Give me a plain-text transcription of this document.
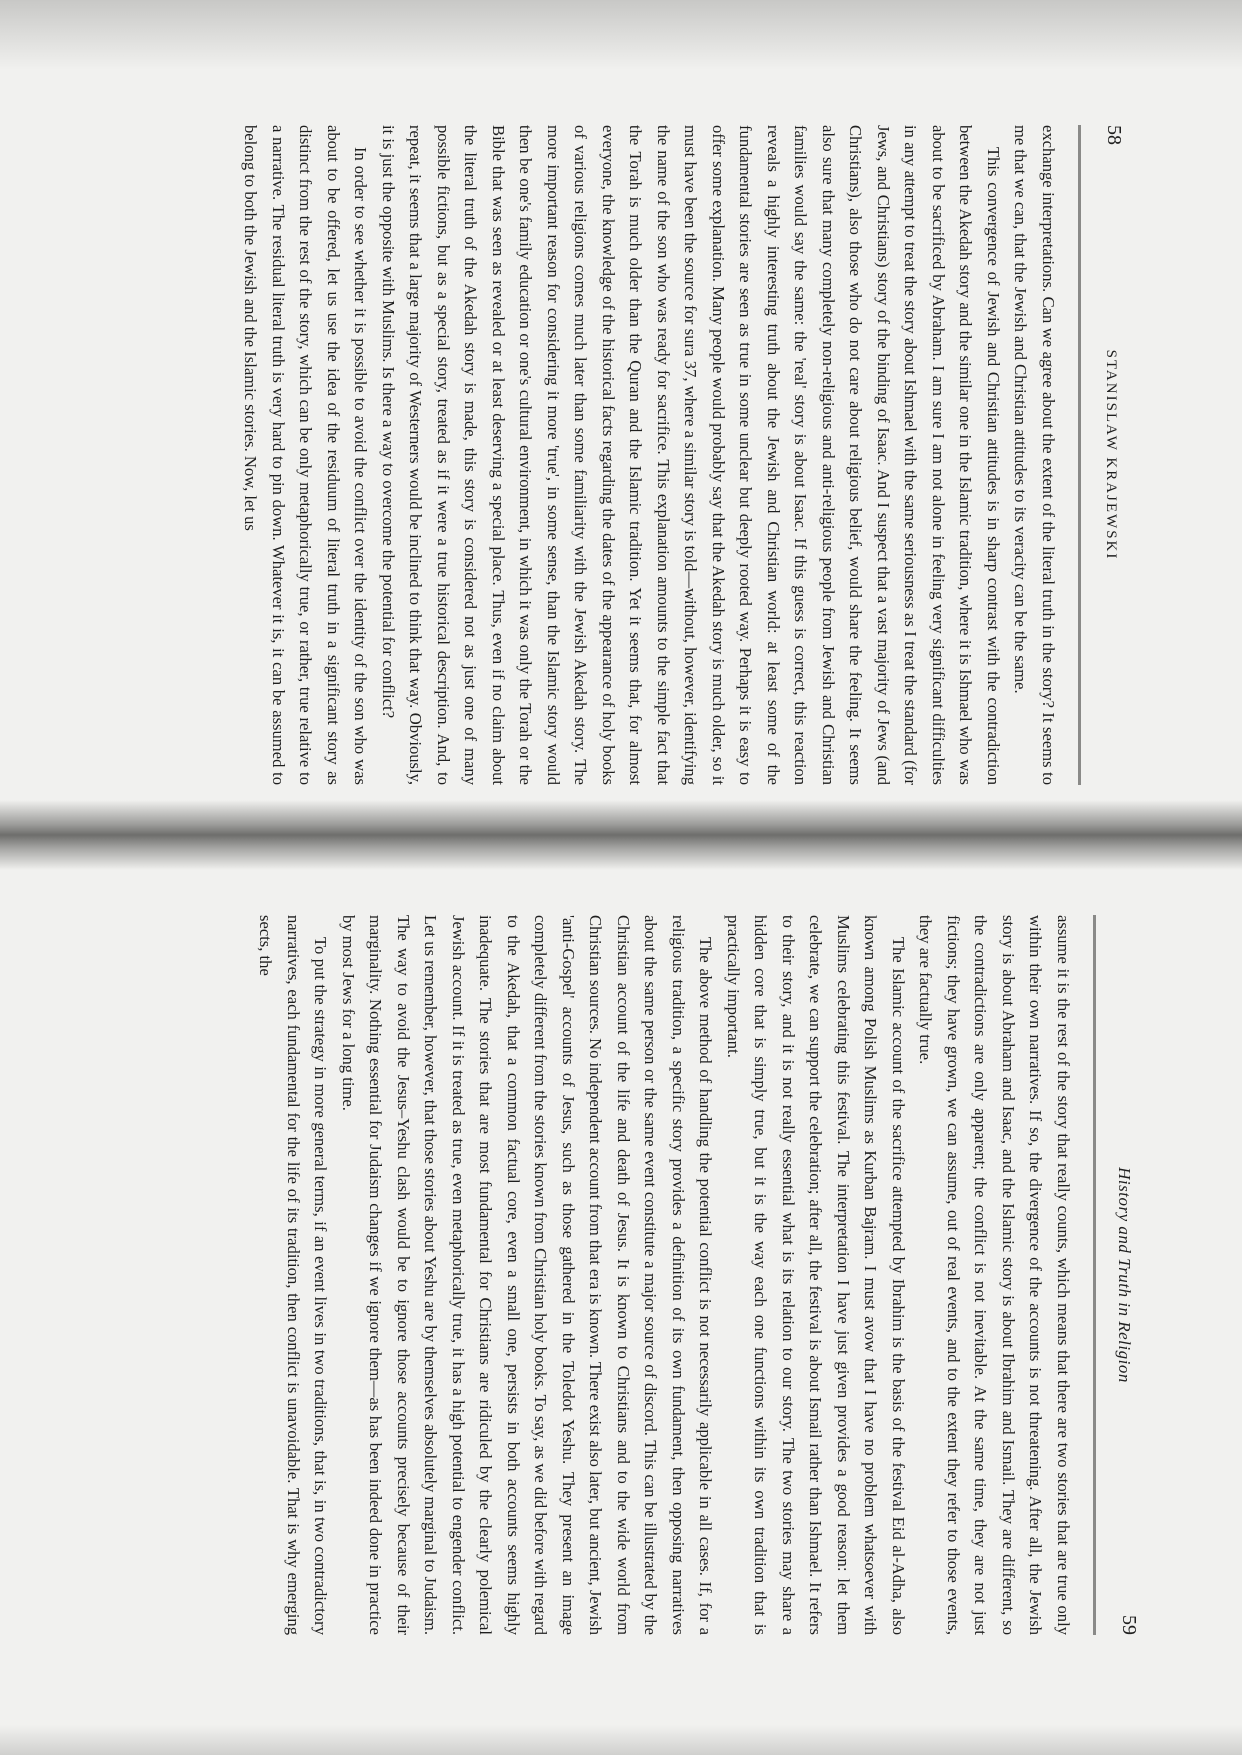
58
STANISLAW KRAJEWSKI

exchange interpretations. Can we agree about the extent of the literal truth in the story? It seems to me that we can, that the Jewish and Christian attitudes to its veracity can be the same.

This convergence of Jewish and Christian attitudes is in sharp contrast with the contradiction between the Akedah story and the similar one in the Islamic tradition, where it is Ishmael who was about to be sacrificed by Abraham. I am sure I am not alone in feeling very significant difficulties in any attempt to treat the story about Ishmael with the same seriousness as I treat the standard (for Jews, and Christians) story of the binding of Isaac. And I suspect that a vast majority of Jews (and Christians), also those who do not care about religious belief, would share the feeling. It seems also sure that many completely non-religious and anti-religious people from Jewish and Christian families would say the same: the 'real' story is about Isaac. If this guess is correct, this reaction reveals a highly interesting truth about the Jewish and Christian world: at least some of the fundamental stories are seen as true in some unclear but deeply rooted way. Perhaps it is easy to offer some explanation. Many people would probably say that the Akedah story is much older, so it must have been the source for sura 37, where a similar story is told—without, however, identifying the name of the son who was ready for sacrifice. This explanation amounts to the simple fact that the Torah is much older than the Quran and the Islamic tradition. Yet it seems that, for almost everyone, the knowledge of the historical facts regarding the dates of the appearance of holy books of various religions comes much later than some familiarity with the Jewish Akedah story. The more important reason for considering it more 'true', in some sense, than the Islamic story would then be one's family education or one's cultural environment, in which it was only the Torah or the Bible that was seen as revealed or at least deserving a special place. Thus, even if no claim about the literal truth of the Akedah story is made, this story is considered not as just one of many possible fictions, but as a special story, treated as if it were a true historical description. And, to repeat, it seems that a large majority of Westerners would be inclined to think that way. Obviously, it is just the opposite with Muslims. Is there a way to overcome the potential for conflict?

In order to see whether it is possible to avoid the conflict over the identity of the son who was about to be offered, let us use the idea of the residuum of literal truth in a significant story as distinct from the rest of the story, which can be only metaphorically true, or rather, true relative to a narrative. The residual literal truth is very hard to pin down. Whatever it is, it can be assumed to belong to both the Jewish and the Islamic stories. Now, let us

History and Truth in Religion
59

assume it is the rest of the story that really counts, which means that there are two stories that are true only within their own narratives. If so, the divergence of the accounts is not threatening. After all, the Jewish story is about Abraham and Isaac, and the Islamic story is about Ibrahim and Ismail. They are different, so the contradictions are only apparent; the conflict is not inevitable. At the same time, they are not just fictions; they have grown, we can assume, out of real events, and to the extent they refer to those events, they are factually true.

The Islamic account of the sacrifice attempted by Ibrahim is the basis of the festival Eid al-Adha, also known among Polish Muslims as Kurban Bajram. I must avow that I have no problem whatsoever with Muslims celebrating this festival. The interpretation I have just given provides a good reason: let them celebrate, we can support the celebration; after all, the festival is about Ismail rather than Ishmael. It refers to their story, and it is not really essential what is its relation to our story. The two stories may share a hidden core that is simply true, but it is the way each one functions within its own tradition that is practically important.

The above method of handling the potential conflict is not necessarily applicable in all cases. If, for a religious tradition, a specific story provides a definition of its own fundament, then opposing narratives about the same person or the same event constitute a major source of discord. This can be illustrated by the Christian account of the life and death of Jesus. It is known to Christians and to the wide world from Christian sources. No independent account from that era is known. There exist also later, but ancient, Jewish 'anti-Gospel' accounts of Jesus, such as those gathered in the Toledot Yeshu. They present an image completely different from the stories known from Christian holy books. To say, as we did before with regard to the Akedah, that a common factual core, even a small one, persists in both accounts seems highly inadequate. The stories that are most fundamental for Christians are ridiculed by the clearly polemical Jewish account. If it is treated as true, even metaphorically true, it has a high potential to engender conflict. Let us remember, however, that those stories about Yeshu are by themselves absolutely marginal to Judaism. The way to avoid the Jesus–Yeshu clash would be to ignore those accounts precisely because of their marginality. Nothing essential for Judaism changes if we ignore them—as has been indeed done in practice by most Jews for a long time.

To put the strategy in more general terms, if an event lives in two traditions, that is, in two contradictory narratives, each fundamental for the life of its tradition, then conflict is unavoidable. That is why emerging sects, the
